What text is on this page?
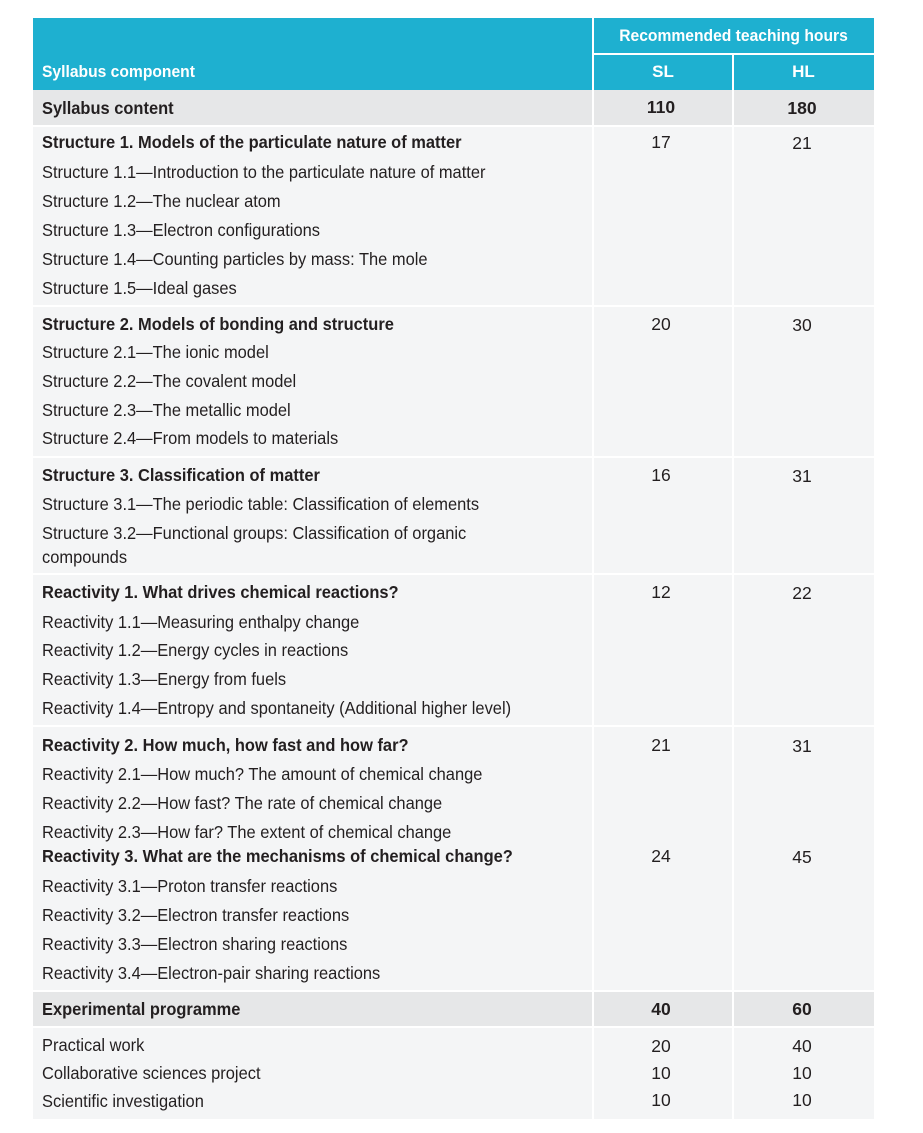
Syllabus component
Recommended teaching hours
SL	HL
Syllabus content	110	180
Structure 1. Models of the particulate nature of matter	17	21
Structure 1.1—Introduction to the particulate nature of matter
Structure 1.2—The nuclear atom
Structure 1.3—Electron configurations
Structure 1.4—Counting particles by mass: The mole
Structure 1.5—Ideal gases
Structure 2. Models of bonding and structure	20	30
Structure 2.1—The ionic model
Structure 2.2—The covalent model
Structure 2.3—The metallic model
Structure 2.4—From models to materials
Structure 3. Classification of matter	16	31
Structure 3.1—The periodic table: Classification of elements
Structure 3.2—Functional groups: Classification of organic
compounds
Reactivity 1. What drives chemical reactions?	12	22
Reactivity 1.1—Measuring enthalpy change
Reactivity 1.2—Energy cycles in reactions
Reactivity 1.3—Energy from fuels
Reactivity 1.4—Entropy and spontaneity (Additional higher level)
Reactivity 2. How much, how fast and how far?	21	31
Reactivity 2.1—How much? The amount of chemical change
Reactivity 2.2—How fast? The rate of chemical change
Reactivity 2.3—How far? The extent of chemical change
Reactivity 3. What are the mechanisms of chemical change?	24	45
Reactivity 3.1—Proton transfer reactions
Reactivity 3.2—Electron transfer reactions
Reactivity 3.3—Electron sharing reactions
Reactivity 3.4—Electron-pair sharing reactions
Experimental programme	40	60
Practical work	20	40
Collaborative sciences project	10	10
Scientific investigation	10	10
